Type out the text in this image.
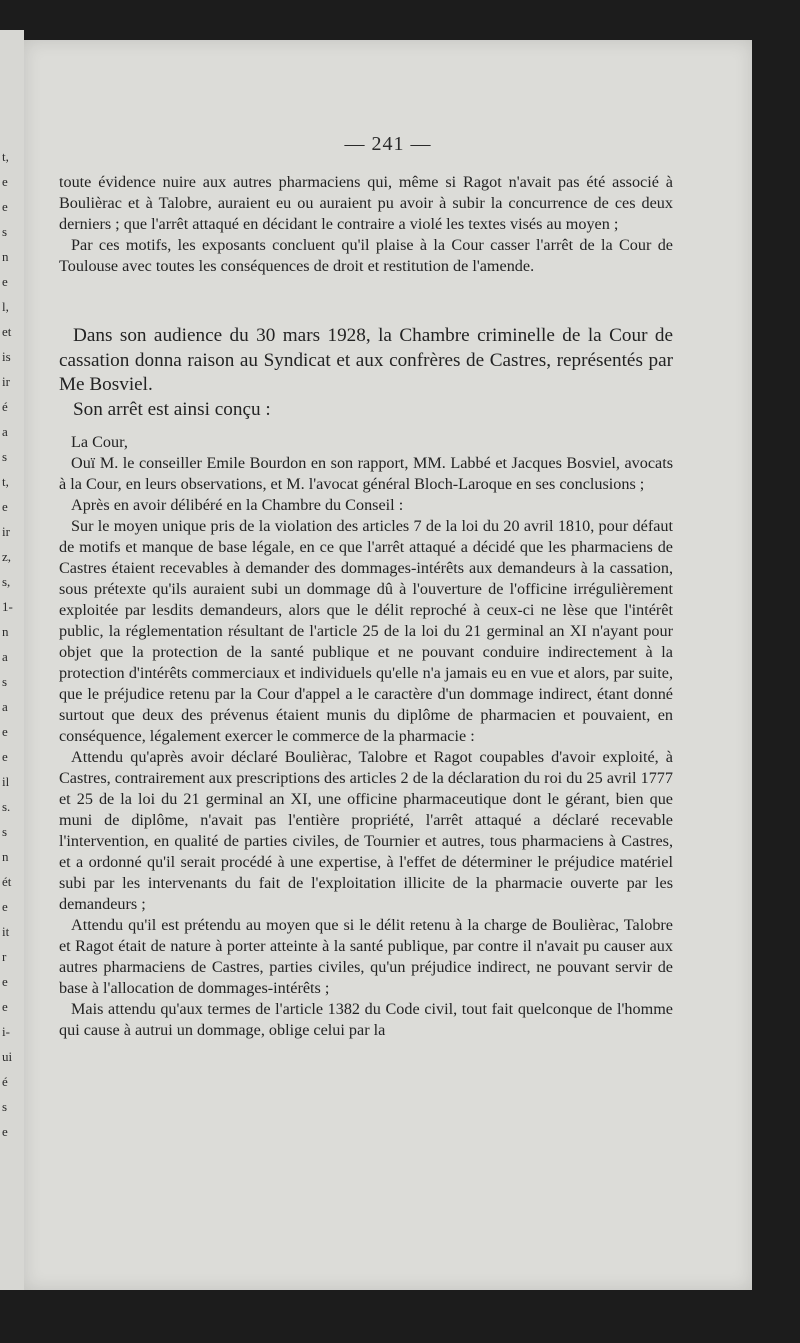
t,
e
e
s
n
e
l,
et
is
ir
é
a
s
t,
e
ir
z,
s,
1-
n
a
s
a
e
e
il
s.
s
n
ét
e
it
r
e
e
i-
ui
é
s
e
— 241 —

toute évidence nuire aux autres pharmaciens qui, même si Ragot n'avait pas été associé à Boulièrac et à Talobre, auraient eu ou auraient pu avoir à subir la concurrence de ces deux derniers ; que l'arrêt attaqué en décidant le contraire a violé les textes visés au moyen ;

Par ces motifs, les exposants concluent qu'il plaise à la Cour casser l'arrêt de la Cour de Toulouse avec toutes les conséquences de droit et restitution de l'amende.

Dans son audience du 30 mars 1928, la Chambre criminelle de la Cour de cassation donna raison au Syndicat et aux confrères de Castres, représentés par Me Bosviel.

Son arrêt est ainsi conçu :

La Cour,

Ouï M. le conseiller Emile Bourdon en son rapport, MM. Labbé et Jacques Bosviel, avocats à la Cour, en leurs observations, et M. l'avocat général Bloch-Laroque en ses conclusions ;

Après en avoir délibéré en la Chambre du Conseil :

Sur le moyen unique pris de la violation des articles 7 de la loi du 20 avril 1810, pour défaut de motifs et manque de base légale, en ce que l'arrêt attaqué a décidé que les pharmaciens de Castres étaient recevables à demander des dommages-intérêts aux demandeurs à la cassation, sous prétexte qu'ils auraient subi un dommage dû à l'ouverture de l'officine irrégulièrement exploitée par lesdits demandeurs, alors que le délit reproché à ceux-ci ne lèse que l'intérêt public, la réglementation résultant de l'article 25 de la loi du 21 germinal an XI n'ayant pour objet que la protection de la santé publique et ne pouvant conduire indirectement à la protection d'intérêts commerciaux et individuels qu'elle n'a jamais eu en vue et alors, par suite, que le préjudice retenu par la Cour d'appel a le caractère d'un dommage indirect, étant donné surtout que deux des prévenus étaient munis du diplôme de pharmacien et pouvaient, en conséquence, légalement exercer le commerce de la pharmacie :

Attendu qu'après avoir déclaré Boulièrac, Talobre et Ragot coupables d'avoir exploité, à Castres, contrairement aux prescriptions des articles 2 de la déclaration du roi du 25 avril 1777 et 25 de la loi du 21 germinal an XI, une officine pharmaceutique dont le gérant, bien que muni de diplôme, n'avait pas l'entière propriété, l'arrêt attaqué a déclaré recevable l'intervention, en qualité de parties civiles, de Tournier et autres, tous pharmaciens à Castres, et a ordonné qu'il serait procédé à une expertise, à l'effet de déterminer le préjudice matériel subi par les intervenants du fait de l'exploitation illicite de la pharmacie ouverte par les demandeurs ;

Attendu qu'il est prétendu au moyen que si le délit retenu à la charge de Boulièrac, Talobre et Ragot était de nature à porter atteinte à la santé publique, par contre il n'avait pu causer aux autres pharmaciens de Castres, parties civiles, qu'un préjudice indirect, ne pouvant servir de base à l'allocation de dommages-intérêts ;

Mais attendu qu'aux termes de l'article 1382 du Code civil, tout fait quelconque de l'homme qui cause à autrui un dommage, oblige celui par la
